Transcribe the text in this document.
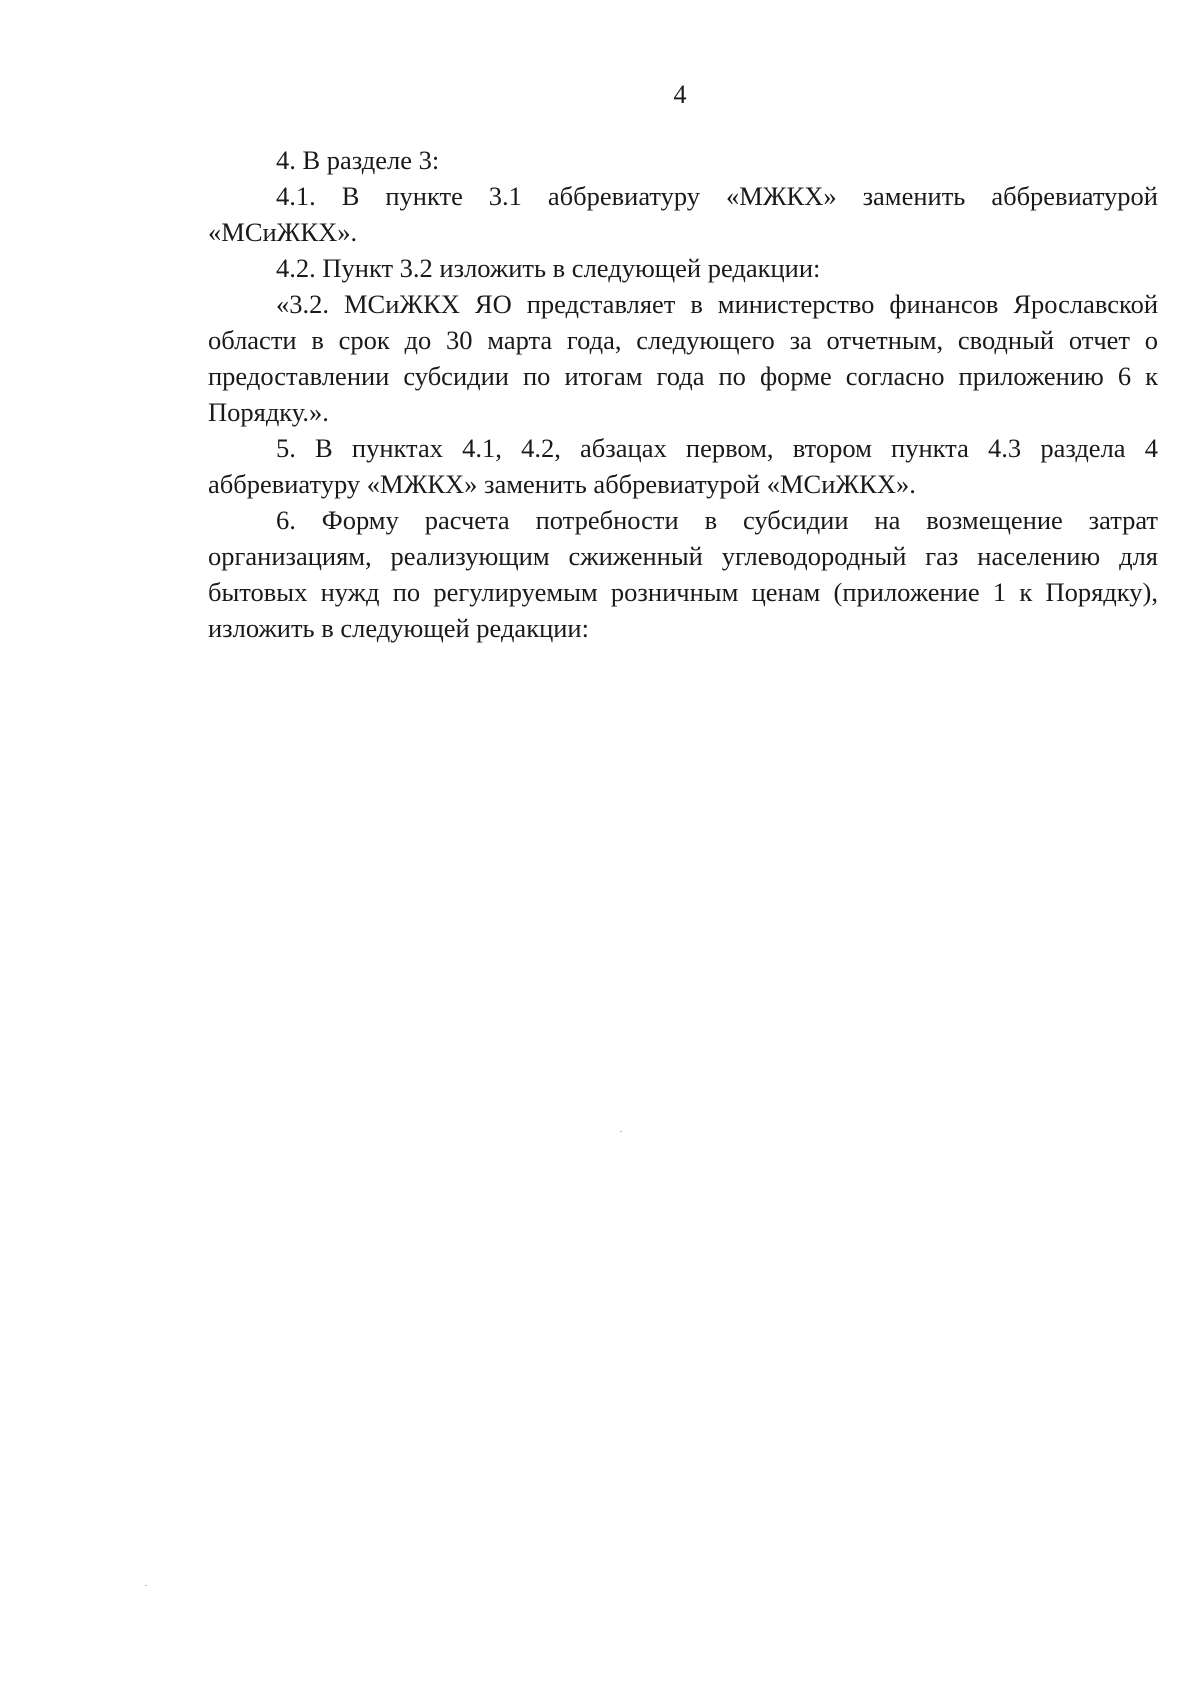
4

4. В разделе 3:

4.1. В пункте 3.1 аббревиатуру «МЖКХ» заменить аббревиатурой «МСиЖКХ».

4.2. Пункт 3.2 изложить в следующей редакции:

«3.2. МСиЖКХ ЯО представляет в министерство финансов Ярославской области в срок до 30 марта года, следующего за отчетным, сводный отчет о предоставлении субсидии по итогам года по форме согласно приложению 6 к Порядку.».

5. В пунктах 4.1, 4.2, абзацах первом, втором пункта 4.3 раздела 4 аббревиатуру «МЖКХ» заменить аббревиатурой «МСиЖКХ».

6. Форму расчета потребности в субсидии на возмещение затрат организациям, реализующим сжиженный углеводородный газ населению для бытовых нужд по регулируемым розничным ценам (приложение 1 к Порядку), изложить в следующей редакции:
